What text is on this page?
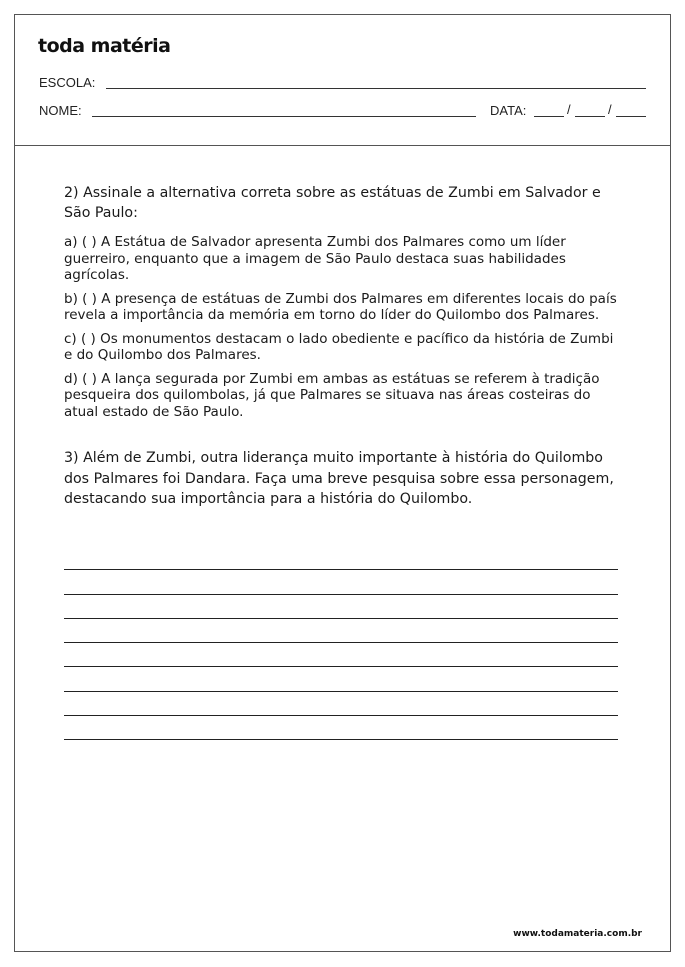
toda matéria
ESCOLA:
NOME:	DATA:	/	/

2) Assinale a alternativa correta sobre as estátuas de Zumbi em Salvador e São Paulo:

a) ( ) A Estátua de Salvador apresenta Zumbi dos Palmares como um líder guerreiro, enquanto que a imagem de São Paulo destaca suas habilidades agrícolas.

b) ( ) A presença de estátuas de Zumbi dos Palmares em diferentes locais do país revela a importância da memória em torno do líder do Quilombo dos Palmares.

c) ( ) Os monumentos destacam o lado obediente e pacífico da história de Zumbi e do Quilombo dos Palmares.

d) ( ) A lança segurada por Zumbi em ambas as estátuas se referem à tradição pesqueira dos quilombolas, já que Palmares se situava nas áreas costeiras do atual estado de São Paulo.

3) Além de Zumbi, outra liderança muito importante à história do Quilombo dos Palmares foi Dandara. Faça uma breve pesquisa sobre essa personagem, destacando sua importância para a história do Quilombo.

www.todamateria.com.br
